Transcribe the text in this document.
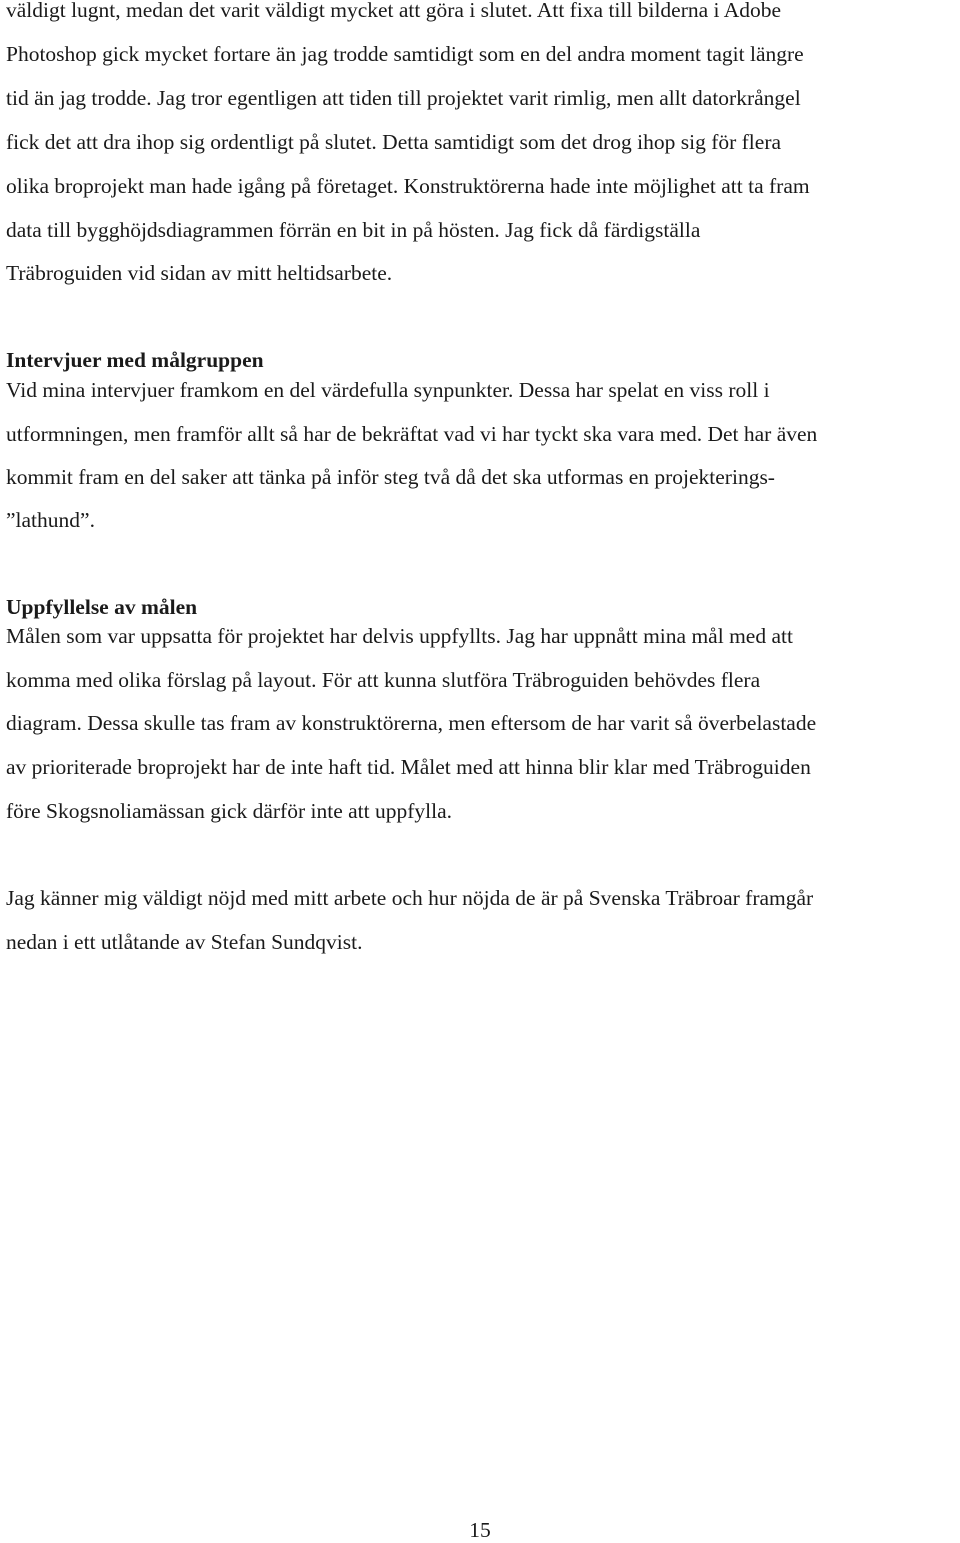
väldigt lugnt, medan det varit väldigt mycket att göra i slutet. Att fixa till bilderna i Adobe
Photoshop gick mycket fortare än jag trodde samtidigt som en del andra moment tagit längre
tid än jag trodde. Jag tror egentligen att tiden till projektet varit rimlig, men allt datorkrångel
fick det att dra ihop sig ordentligt på slutet. Detta samtidigt som det drog ihop sig för flera
olika broprojekt man hade igång på företaget. Konstruktörerna hade inte möjlighet att ta fram
data till bygghöjdsdiagrammen förrän en bit in på hösten. Jag fick då färdigställa
Träbroguiden vid sidan av mitt heltidsarbete.
Intervjuer med målgruppen
Vid mina intervjuer framkom en del värdefulla synpunkter. Dessa har spelat en viss roll i
utformningen, men framför allt så har de bekräftat vad vi har tyckt ska vara med. Det har även
kommit fram en del saker att tänka på inför steg två då det ska utformas en projekterings-
”lathund”.
Uppfyllelse av målen
Målen som var uppsatta för projektet har delvis uppfyllts. Jag har uppnått mina mål med att
komma med olika förslag på layout. För att kunna slutföra Träbroguiden behövdes flera
diagram. Dessa skulle tas fram av konstruktörerna, men eftersom de har varit så överbelastade
av prioriterade broprojekt har de inte haft tid. Målet med att hinna blir klar med Träbroguiden
före Skogsnoliamässan gick därför inte att uppfylla.
Jag känner mig väldigt nöjd med mitt arbete och hur nöjda de är på Svenska Träbroar framgår
nedan i ett utlåtande av Stefan Sundqvist.
15
